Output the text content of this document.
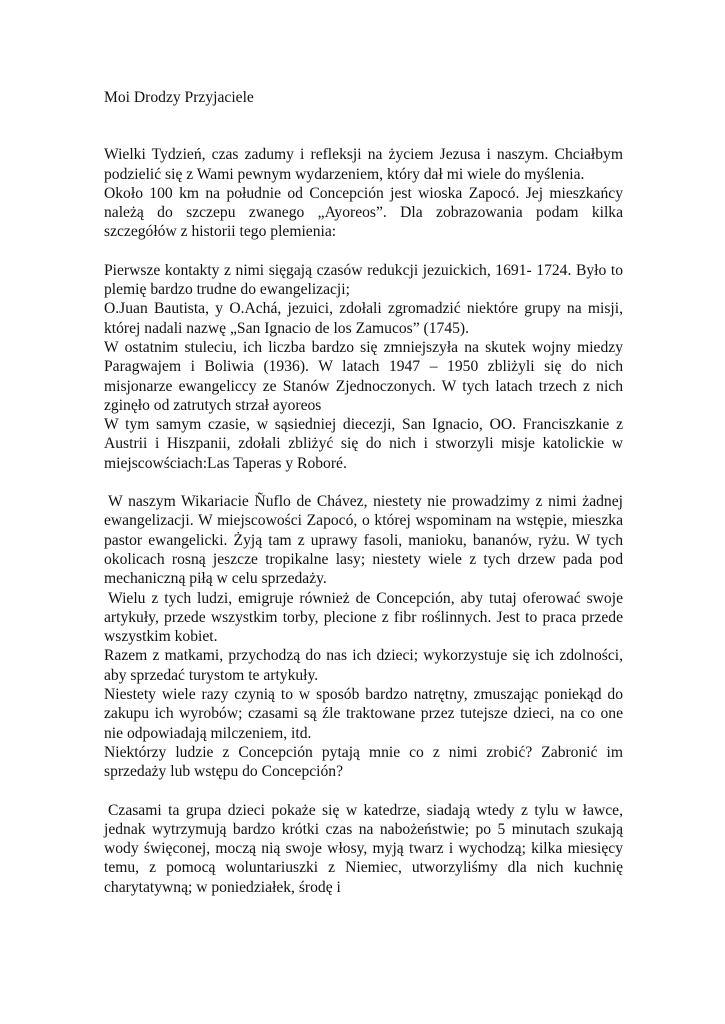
Moi Drodzy Przyjaciele

Wielki Tydzień, czas zadumy i refleksji na życiem Jezusa i naszym. Chciałbym podzielić się z Wami pewnym wydarzeniem, który dał mi wiele do myślenia.

Około 100 km na południe od Concepción jest wioska Zapocó. Jej mieszkańcy należą do szczepu zwanego „Ayoreos”. Dla zobrazowania podam kilka szczegółów z historii tego plemienia:

Pierwsze kontakty z nimi sięgają czasów redukcji jezuickich, 1691- 1724. Było to plemię bardzo trudne do ewangelizacji;

O.Juan Bautista, y O.Achá, jezuici, zdołali zgromadzić niektóre grupy na misji, której nadali nazwę „San Ignacio de los Zamucos” (1745).

W ostatnim stuleciu, ich liczba bardzo się zmniejszyła na skutek wojny miedzy Paragwajem i Boliwia (1936). W latach 1947 – 1950 zbliżyli się do nich misjonarze ewangeliccy ze Stanów Zjednoczonych. W tych latach trzech z nich zginęło od zatrutych strzał ayoreos

W tym samym czasie, w sąsiedniej diecezji, San Ignacio, OO. Franciszkanie z Austrii i Hiszpanii, zdołali zbliżyć się do nich i stworzyli misje katolickie w miejscowściach:Las Taperas y Roboré.

W naszym Wikariacie Ñuflo de Chávez, niestety nie prowadzimy z nimi żadnej ewangelizacji. W miejscowości Zapocó, o której wspominam na wstępie, mieszka pastor ewangelicki. Żyją tam z uprawy fasoli, manioku, bananów, ryżu. W tych okolicach rosną jeszcze tropikalne lasy; niestety wiele z tych drzew pada pod mechaniczną piłą w celu sprzedaży.

Wielu z tych ludzi, emigruje również de Concepción, aby tutaj oferować swoje artykuły, przede wszystkim torby, plecione z fibr roślinnych. Jest to praca przede wszystkim kobiet.

Razem z matkami, przychodzą do nas ich dzieci; wykorzystuje się ich zdolności, aby sprzedać turystom te artykuły.

Niestety wiele razy czynią to w sposób bardzo natrętny, zmuszając poniekąd do zakupu ich wyrobów; czasami są źle traktowane przez tutejsze dzieci, na co one nie odpowiadają milczeniem, itd.

Niektórzy ludzie z Concepción pytają mnie co z nimi zrobić? Zabronić im sprzedaży lub wstępu do Concepción?

Czasami ta grupa dzieci pokaże się w katedrze, siadają wtedy z tylu w ławce, jednak wytrzymują bardzo krótki czas na nabożeństwie; po 5 minutach szukają wody święconej, moczą nią swoje włosy, myją twarz i wychodzą; kilka miesięcy temu, z pomocą woluntariuszki z Niemiec, utworzyliśmy dla nich kuchnię charytatywną; w poniedziałek, środę i
